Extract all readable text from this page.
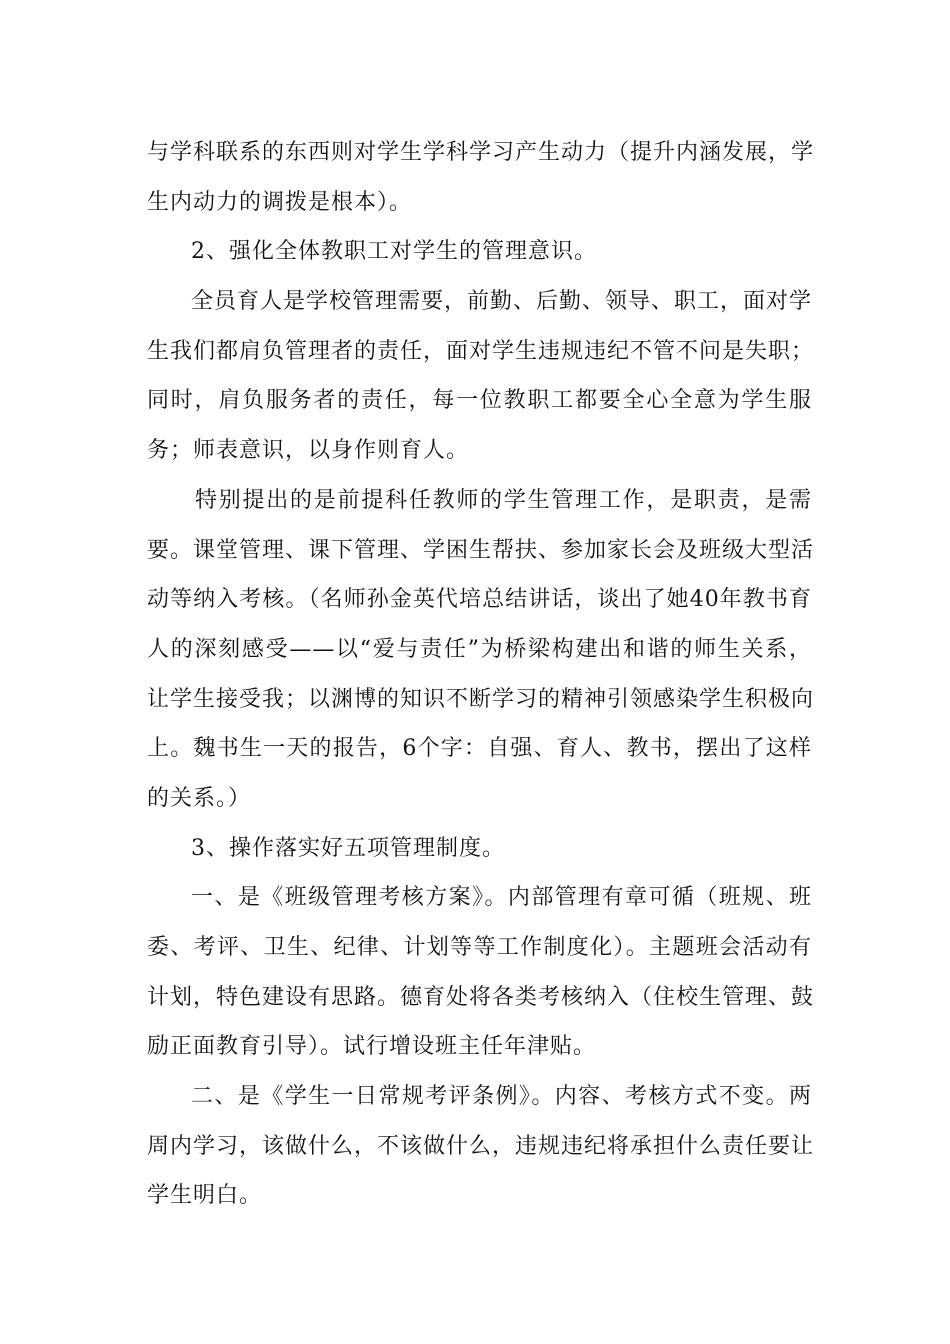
与学科联系的东西则对学生学科学习产生动力（提升内涵发展，学
生内动力的调拨是根本）。
2、强化全体教职工对学生的管理意识。
全员育人是学校管理需要，前勤、后勤、领导、职工，面对学
生我们都肩负管理者的责任，面对学生违规违纪不管不问是失职；
同时，肩负服务者的责任，每一位教职工都要全心全意为学生服
务；师表意识，以身作则育人。
特别提出的是前提科任教师的学生管理工作，是职责，是需
要。课堂管理、课下管理、学困生帮扶、参加家长会及班级大型活
动等纳入考核。（名师孙金英代培总结讲话，谈出了她40年教书育
人的深刻感受——以“爱与责任”为桥梁构建出和谐的师生关系，
让学生接受我；以渊博的知识不断学习的精神引领感染学生积极向
上。魏书生一天的报告，6个字：自强、育人、教书，摆出了这样
的关系。）
3、操作落实好五项管理制度。
一、是《班级管理考核方案》。内部管理有章可循（班规、班
委、考评、卫生、纪律、计划等等工作制度化）。主题班会活动有
计划，特色建设有思路。德育处将各类考核纳入（住校生管理、鼓
励正面教育引导）。试行增设班主任年津贴。
二、是《学生一日常规考评条例》。内容、考核方式不变。两
周内学习，该做什么，不该做什么，违规违纪将承担什么责任要让
学生明白。
